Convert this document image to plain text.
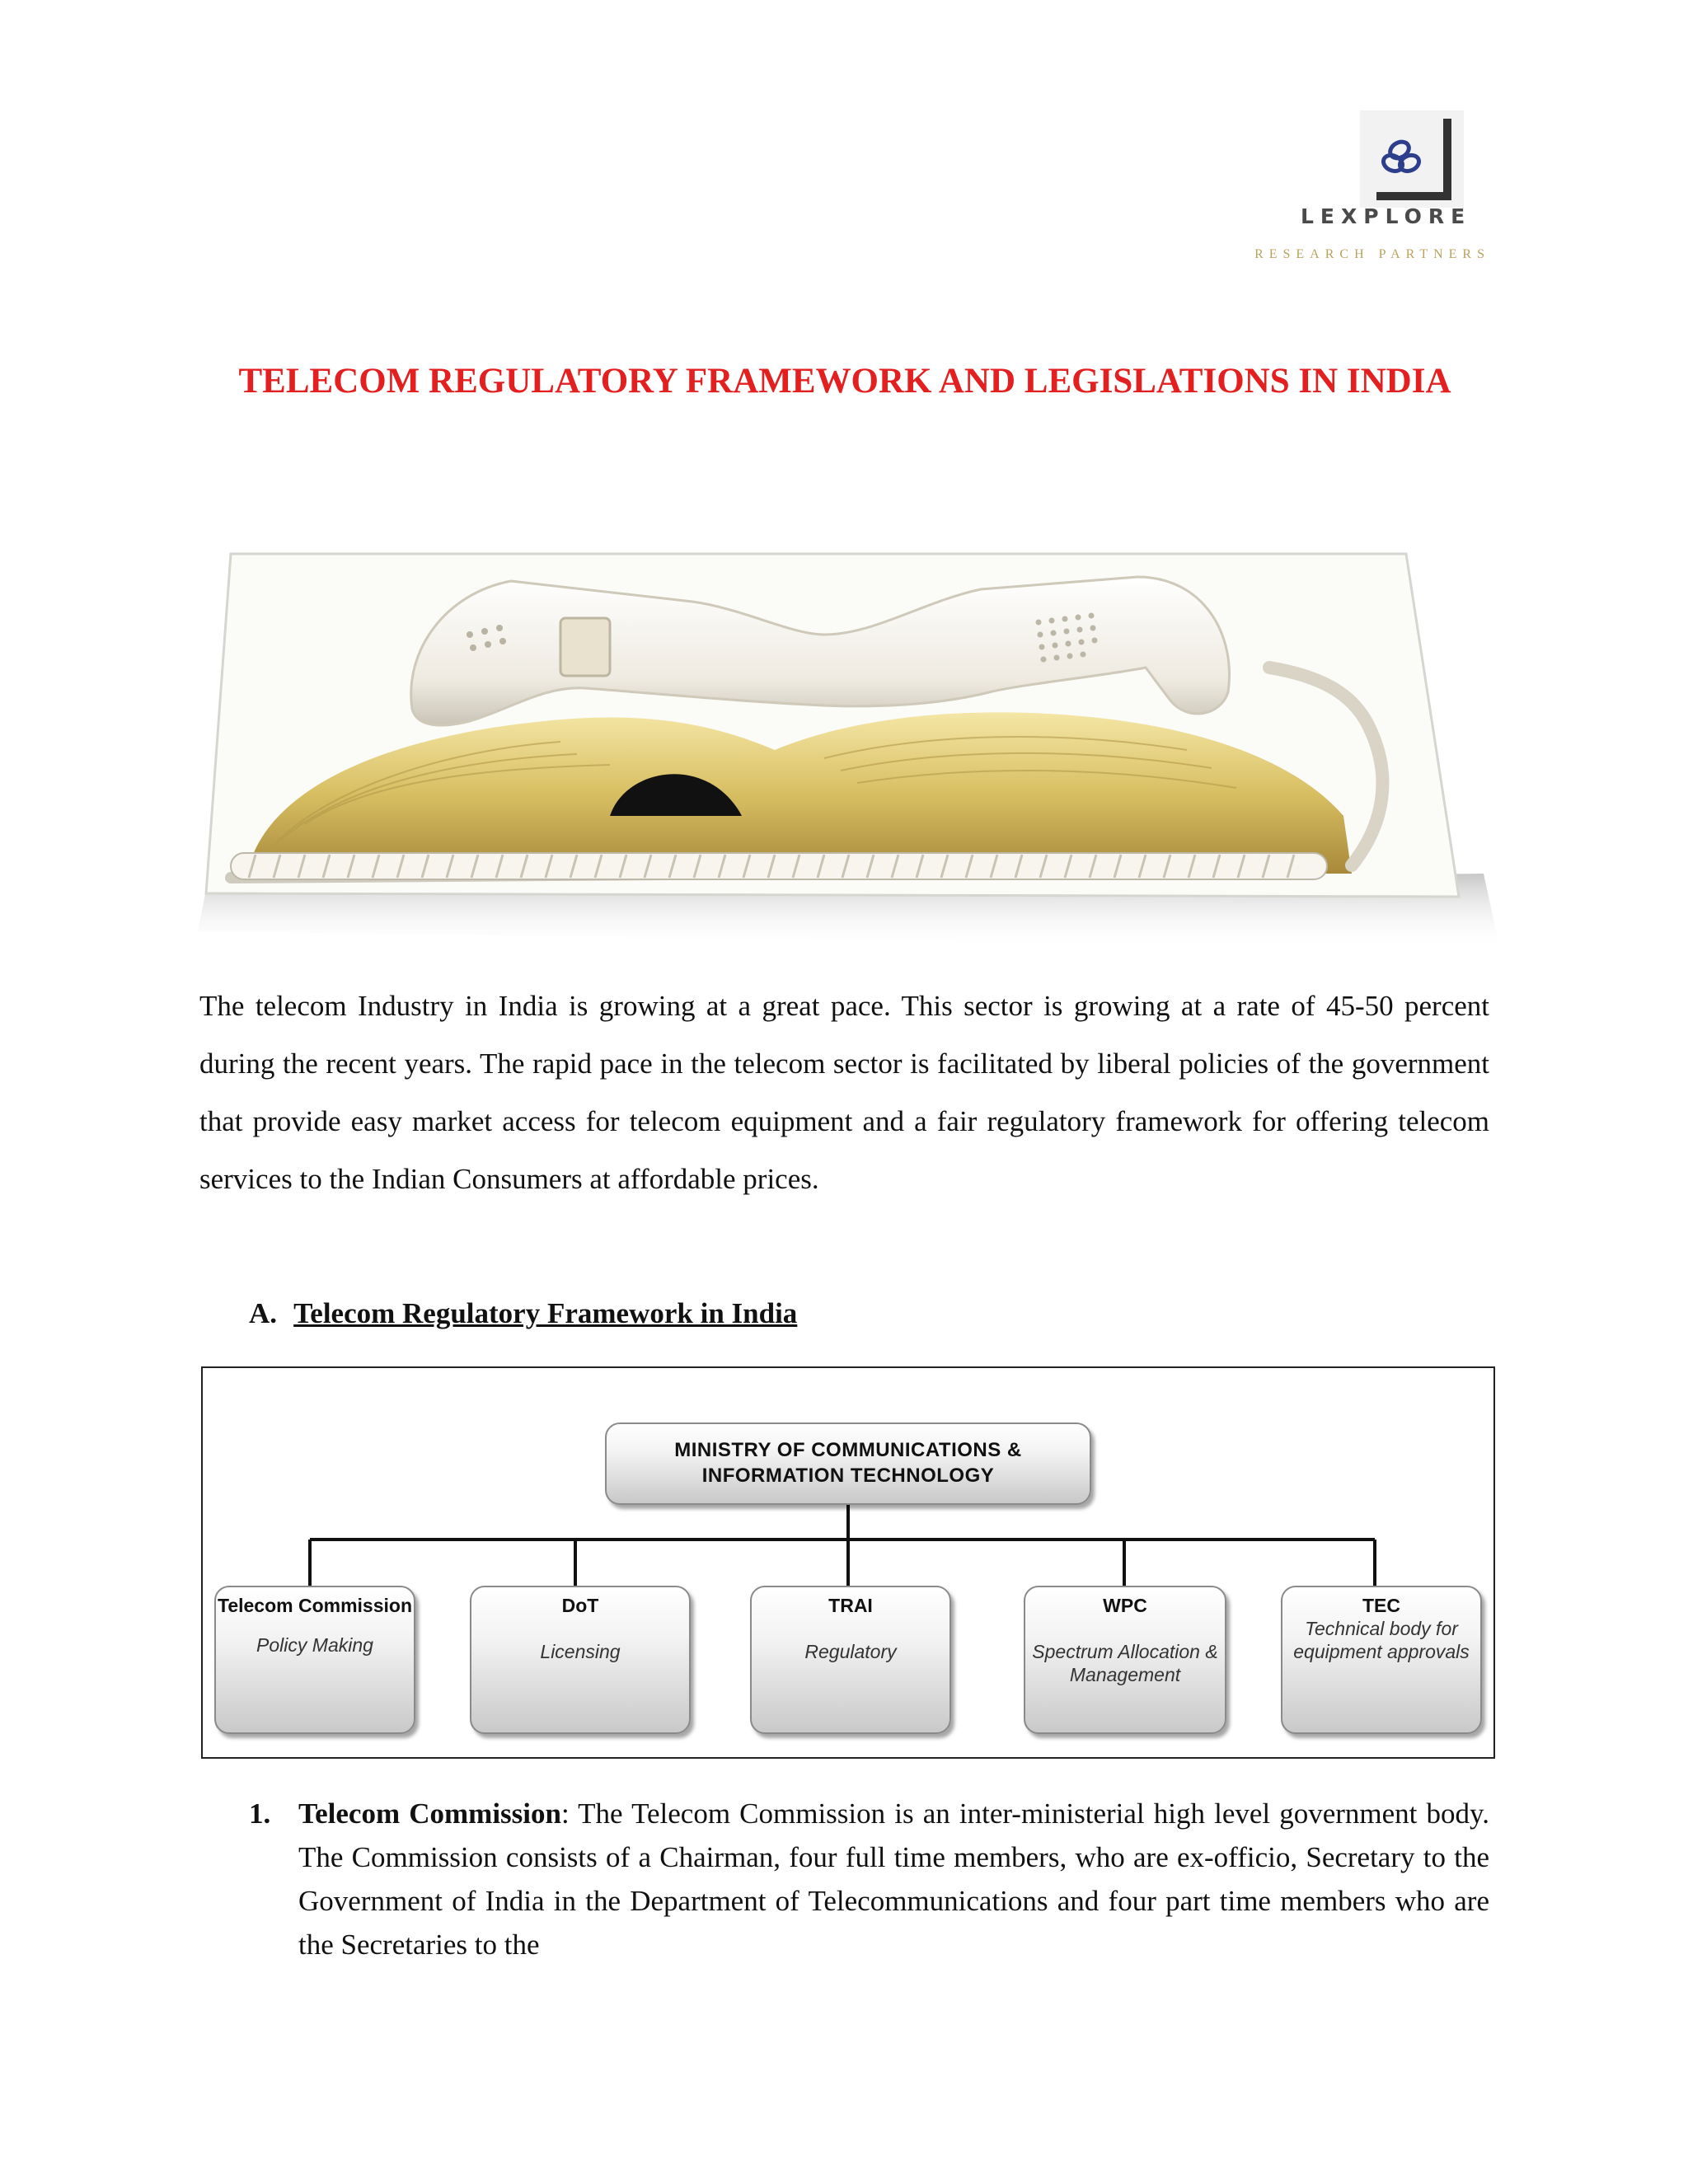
LEXPLORE
RESEARCH PARTNERS
TELECOM REGULATORY FRAMEWORK AND LEGISLATIONS IN INDIA

The telecom Industry in India is growing at a great pace. This sector is growing at a rate of 45-50 percent during the recent years. The rapid pace in the telecom sector is facilitated by liberal policies of the government that provide easy market access for telecom equipment and a fair regulatory framework for offering telecom services to the Indian Consumers at affordable prices.

A. Telecom Regulatory Framework in India
MINISTRY OF COMMUNICATIONS & INFORMATION TECHNOLOGY
Telecom Commission
Policy Making
DoT
Licensing
TRAI
Regulatory
WPC
Spectrum Allocation & Management
TEC
Technical body for equipment approvals
1. Telecom Commission: The Telecom Commission is an inter-ministerial high level government body. The Commission consists of a Chairman, four full time members, who are ex-officio, Secretary to the Government of India in the Department of Telecommunications and four part time members who are the Secretaries to the
